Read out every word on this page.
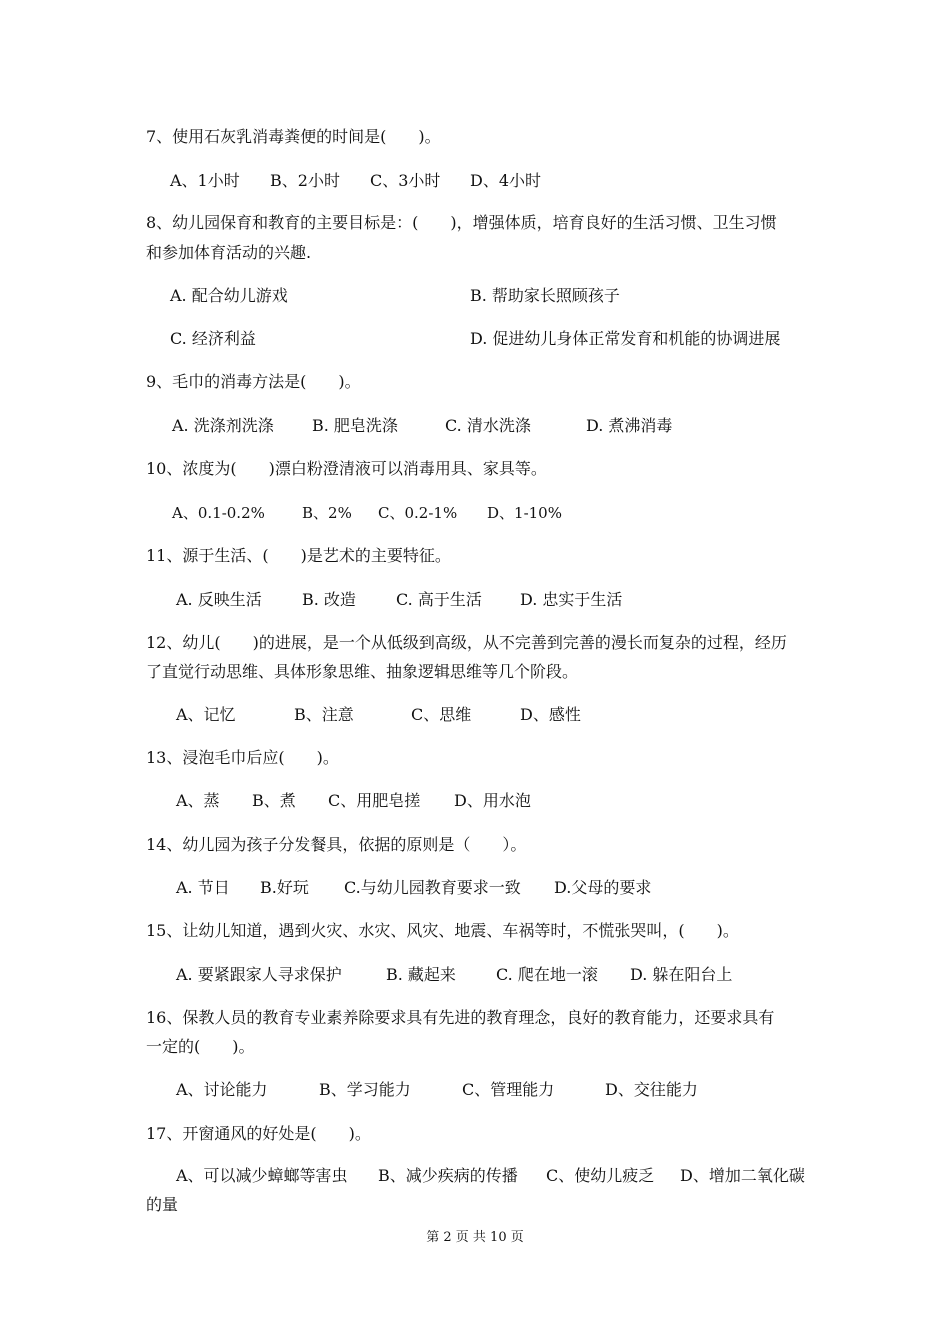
7、使用石灰乳消毒粪便的时间是(　　)。
A、1小时 B、2小时 C、3小时 D、4小时
8、幼儿园保育和教育的主要目标是：(　　)，增强体质，培育良好的生活习惯、卫生习惯
和参加体育活动的兴趣.
A. 配合幼儿游戏	B. 帮助家长照顾孩子
C. 经济利益	D. 促进幼儿身体正常发育和机能的协调进展
9、毛巾的消毒方法是(　　)。
A. 洗涤剂洗涤 B. 肥皂洗涤	C. 清水洗涤	D. 煮沸消毒
10、浓度为(　　)漂白粉澄清液可以消毒用具、家具等。
A、0.1-0.2% B、2% C、0.2-1% D、1-10%
11、源于生活、(　　)是艺术的主要特征。
A. 反映生活	B. 改造	C. 高于生活 D. 忠实于生活
12、幼儿(　　)的进展，是一个从低级到高级，从不完善到完善的漫长而复杂的过程，经历
了直觉行动思维、具体形象思维、抽象逻辑思维等几个阶段。
A、记忆	B、注意	C、思维	D、感性
13、浸泡毛巾后应(　　)。
A、蒸 B、煮 C、用肥皂搓 D、用水泡
14、幼儿园为孩子分发餐具，依据的原则是（　　）。
A. 节日 B.好玩 C.与幼儿园教育要求一致 D.父母的要求
15、让幼儿知道，遇到火灾、水灾、风灾、地震、车祸等时，不慌张哭叫，(　　)。
A. 要紧跟家人寻求保护	B. 藏起来	C. 爬在地一滚 D. 躲在阳台上
16、保教人员的教育专业素养除要求具有先进的教育理念，良好的教育能力，还要求具有
一定的(　　)。
A、讨论能力	B、学习能力	C、管理能力	D、交往能力
17、开窗通风的好处是(　　)。
A、可以减少蟑螂等害虫 B、减少疾病的传播 C、使幼儿疲乏 D、增加二氧化碳
的量
第 2 页 共 10 页
